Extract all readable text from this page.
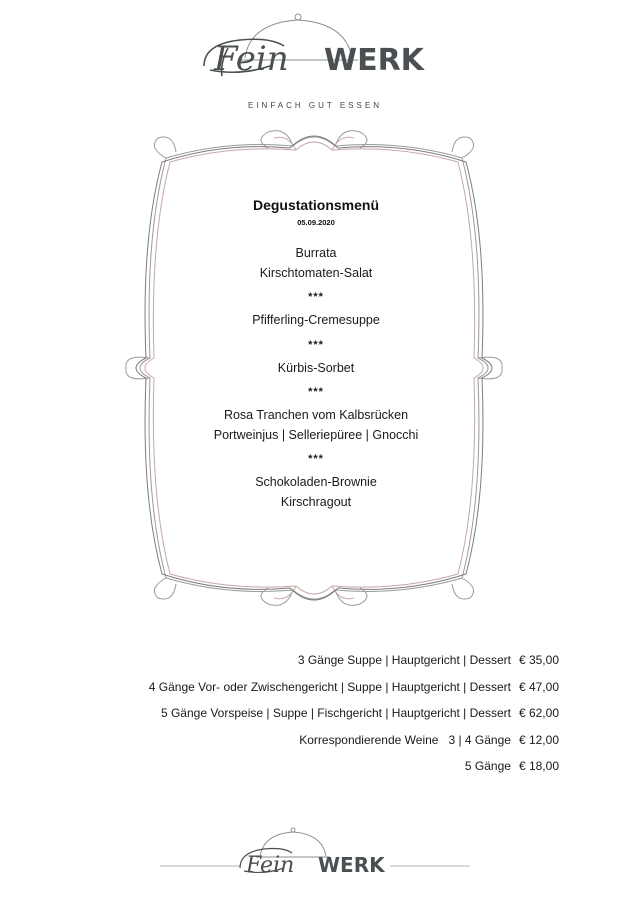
Fein WERK
EINFACH GUT ESSEN
Degustationsmenü
05.09.2020
Burrata
Kirschtomaten-Salat
***
Pfifferling-Cremesuppe
***
Kürbis-Sorbet
***
Rosa Tranchen vom Kalbsrücken
Portweinjus | Selleriepüree | Gnocchi
***
Schokoladen-Brownie
Kirschragout
3 Gänge Suppe | Hauptgericht | Dessert € 35,00
4 Gänge Vor- oder Zwischengericht | Suppe | Hauptgericht | Dessert € 47,00
5 Gänge Vorspeise | Suppe | Fischgericht | Hauptgericht | Dessert € 62,00
Korrespondierende Weine   3 | 4 Gänge € 12,00
5 Gänge € 18,00
Fein WERK
